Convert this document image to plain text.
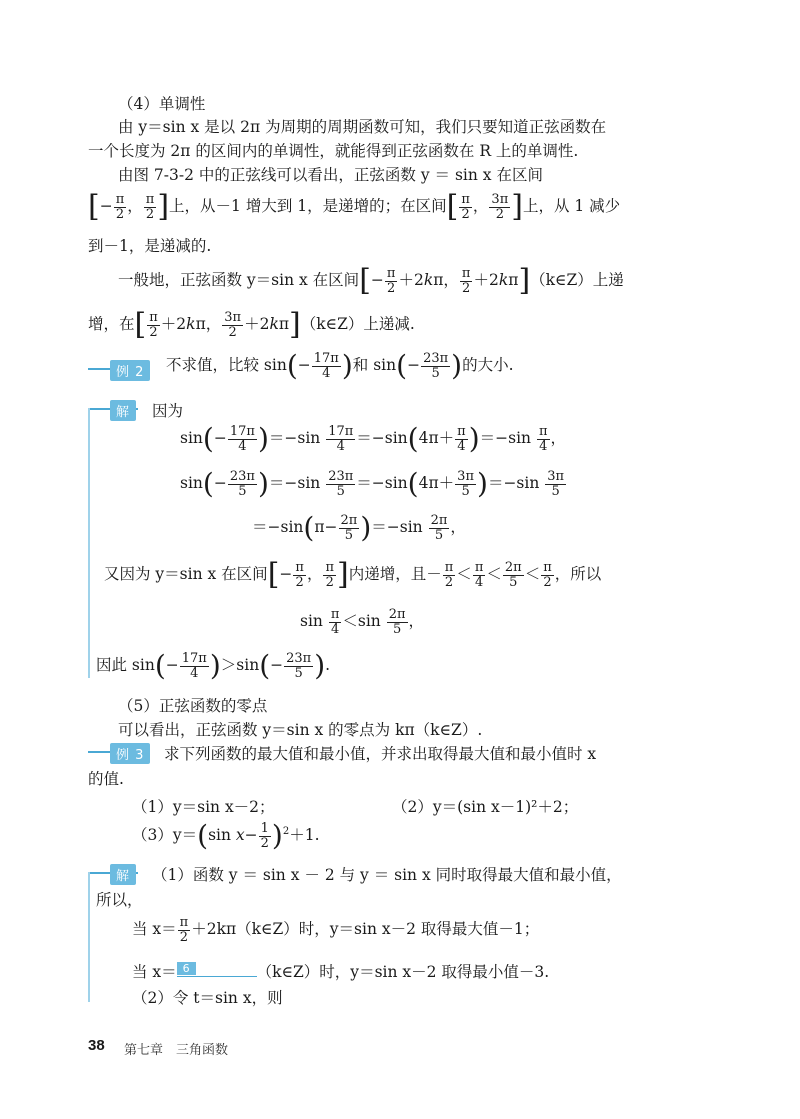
（4）单调性
由 y＝sin x 是以 2π 为周期的周期函数可知，我们只要知道正弦函数在
一个长度为 2π 的区间内的单调性，就能得到正弦函数在 R 上的单调性.
由图 7-3-2 中的正弦线可以看出，正弦函数 y ＝ sin x 在区间
[− $\frac{\pi}{2}$ ， $\frac{\pi}{2}$ ]上，从－1 增大到 1，是递增的；在区间[ $\frac{\pi}{2}$ ， $\frac{3\pi}{2}$ ]上，从 1 减少
到－1，是递减的.
一般地，正弦函数 y＝sin x 在区间[− $\frac{\pi}{2} +2k\pi$， $\frac{\pi}{2}$ ＋2kπ]（k∈Z）上递
增，在[ $\frac{\pi}{2} +2k\pi$， $\frac{3\pi}{2}$ ＋2kπ]（k∈Z）上递减.
例 2	不求值，比较 $\sin(- \frac{17\pi}{4}$ )和 $\sin(- \frac{23\pi}{5}$ )的大小.
解	因为
$\sin(- \frac{17\pi}{4} )=-\sin \frac{17\pi}{4} =-\sin(4\pi+ \frac{\pi}{4} )=-\sin \frac{\pi}{4}$ ，
$\sin(- \frac{23\pi}{5} )=-\sin \frac{23\pi}{5} =-\sin(4\pi+ \frac{3\pi}{5} )=-\sin \frac{3\pi}{5}$
$=-\sin(\pi- \frac{2\pi}{5} )=-\sin \frac{2\pi}{5}$ ，
又因为 y＝sin x 在区间[− $\frac{\pi}{2}$ ， $\frac{\pi}{2}$ ]内递增，且－ $\frac{\pi}{2} < \frac{\pi}{4} < \frac{2\pi}{5} < \frac{\pi}{2}$ ，所以
$\sin \frac{\pi}{4} <\sin \frac{2\pi}{5}$ ，
因此 $\sin(- \frac{17\pi}{4} )>\sin(- \frac{23\pi}{5}$ ).
（5）正弦函数的零点
可以看出，正弦函数 y＝sin x 的零点为 kπ（k∈Z）.
例 3	求下列函数的最大值和最小值，并求出取得最大值和最小值时 x
的值.
（1）y＝sin x－2；	（2）y＝(sin x－1)²＋2；
（3）y＝(sin $x- \frac{1}{2} )^2+1$.
解	（1）函数 y ＝ sin x － 2 与 y ＝ sin x 同时取得最大值和最小值，
所以，
当 $x= \frac{\pi}{2}$ ＋2kπ（k∈Z）时，y＝sin x－2 取得最大值－1；
当 x＝ 6	（k∈Z）时，y＝sin x－2 取得最小值－3.
（2）令 t＝sin x，则
38 第七章　三角函数
